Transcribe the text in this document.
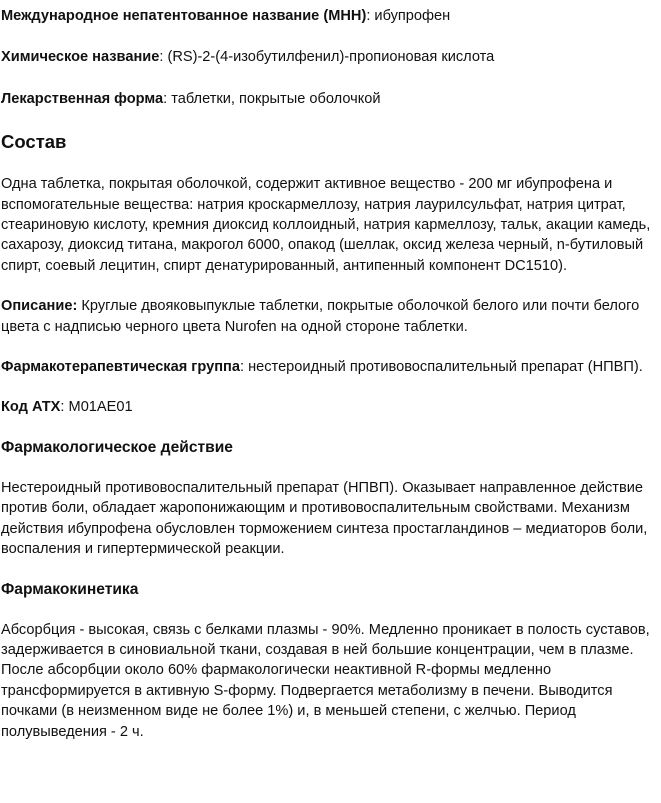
Международное непатентованное название (МНН): ибупрофен
Химическое название: (RS)-2-(4-изобутилфенил)-пропионовая кислота
Лекарственная форма: таблетки, покрытые оболочкой
Состав

Одна таблетка, покрытая оболочкой, содержит активное вещество - 200 мг ибупрофена и вспомогательные вещества: натрия кроскармеллозу, натрия лаурилсульфат, натрия цитрат, стеариновую кислоту, кремния диоксид коллоидный, натрия кармеллозу, тальк, акации камедь, сахарозу, диоксид титана, макрогол 6000, опакод (шеллак, оксид железа черный, n-бутиловый спирт, соевый лецитин, спирт денатурированный, антипенный компонент DC1510).

Описание: Круглые двояковыпуклые таблетки, покрытые оболочкой белого или почти белого цвета с надписью черного цвета Nurofen на одной стороне таблетки.

Фармакотерапевтическая группа: нестероидный противовоспалительный препарат (НПВП).

Код АТХ: M01AE01

Фармакологическое действие

Нестероидный противовоспалительный препарат (НПВП). Оказывает направленное действие против боли, обладает жаропонижающим и противовоспалительным свойствами. Механизм действия ибупрофена обусловлен торможением синтеза простагландинов – медиаторов боли, воспаления и гипертермической реакции.

Фармакокинетика

Абсорбция - высокая, связь с белками плазмы - 90%. Медленно проникает в полость суставов, задерживается в синовиальной ткани, создавая в ней большие концентрации, чем в плазме. После абсорбции около 60% фармакологически неактивной R-формы медленно трансформируется в активную S-форму. Подвергается метаболизму в печени. Выводится почками (в неизменном виде не более 1%) и, в меньшей степени, с желчью. Период полувыведения - 2 ч.
